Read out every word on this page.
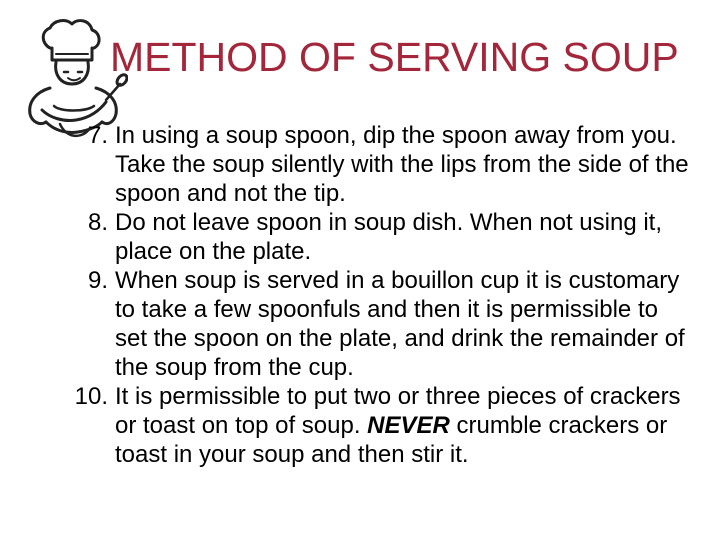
METHOD OF SERVING SOUP
7. In using a soup spoon, dip the spoon away from you. Take the soup silently with the lips from the side of the spoon and not the tip.
8. Do not leave spoon in soup dish. When not using it, place on the plate.
9. When soup is served in a bouillon cup it is customary to take a few spoonfuls and then it is permissible to set the spoon on the plate, and drink the remainder of the soup from the cup.
10. It is permissible to put two or three pieces of crackers or toast on top of soup. NEVER crumble crackers or toast in your soup and then stir it.
